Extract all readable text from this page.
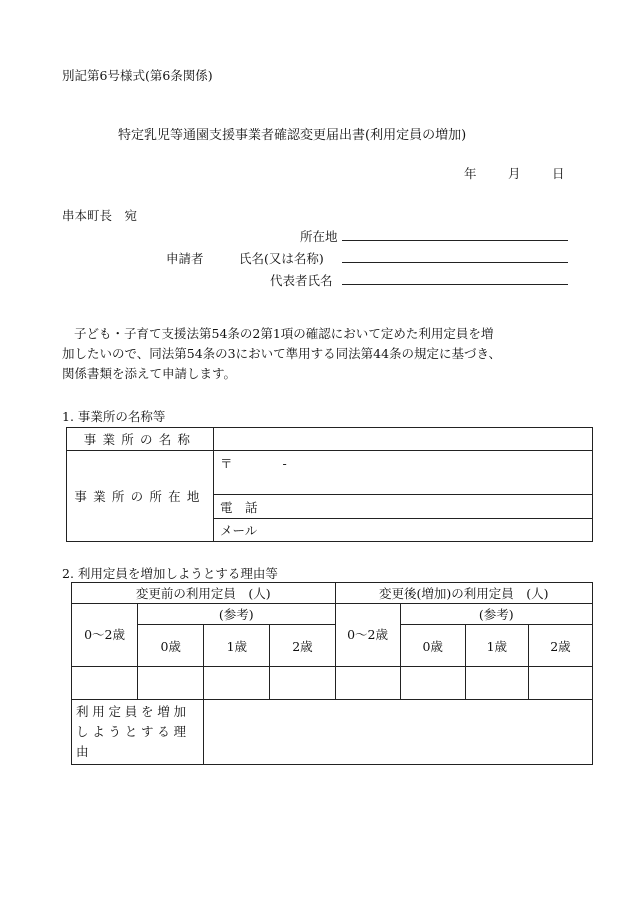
別記第6号様式(第6条関係)
特定乳児等通園支援事業者確認変更届出書(利用定員の増加)
年	月	日
串本町長　宛
申請者
所在地
氏名(又は名称)
代表者氏名
子ども・子育て支援法第54条の2第1項の確認において定めた利用定員を増
加したいので、同法第54条の3において準用する同法第44条の規定に基づき、
関係書類を添えて申請します。
1. 事業所の名称等
事業所の名称	
事業所の所在地	〒 -
	電　話
	メール
2. 利用定員を増加しようとする理由等
変更前の利用定員　(人)				変更後(増加)の利用定員　(人)			
0～2歳	(参考)			0～2歳	(参考)		
	0歳	1歳	2歳		0歳	1歳	2歳

利用定員を増加しようとする理由							
